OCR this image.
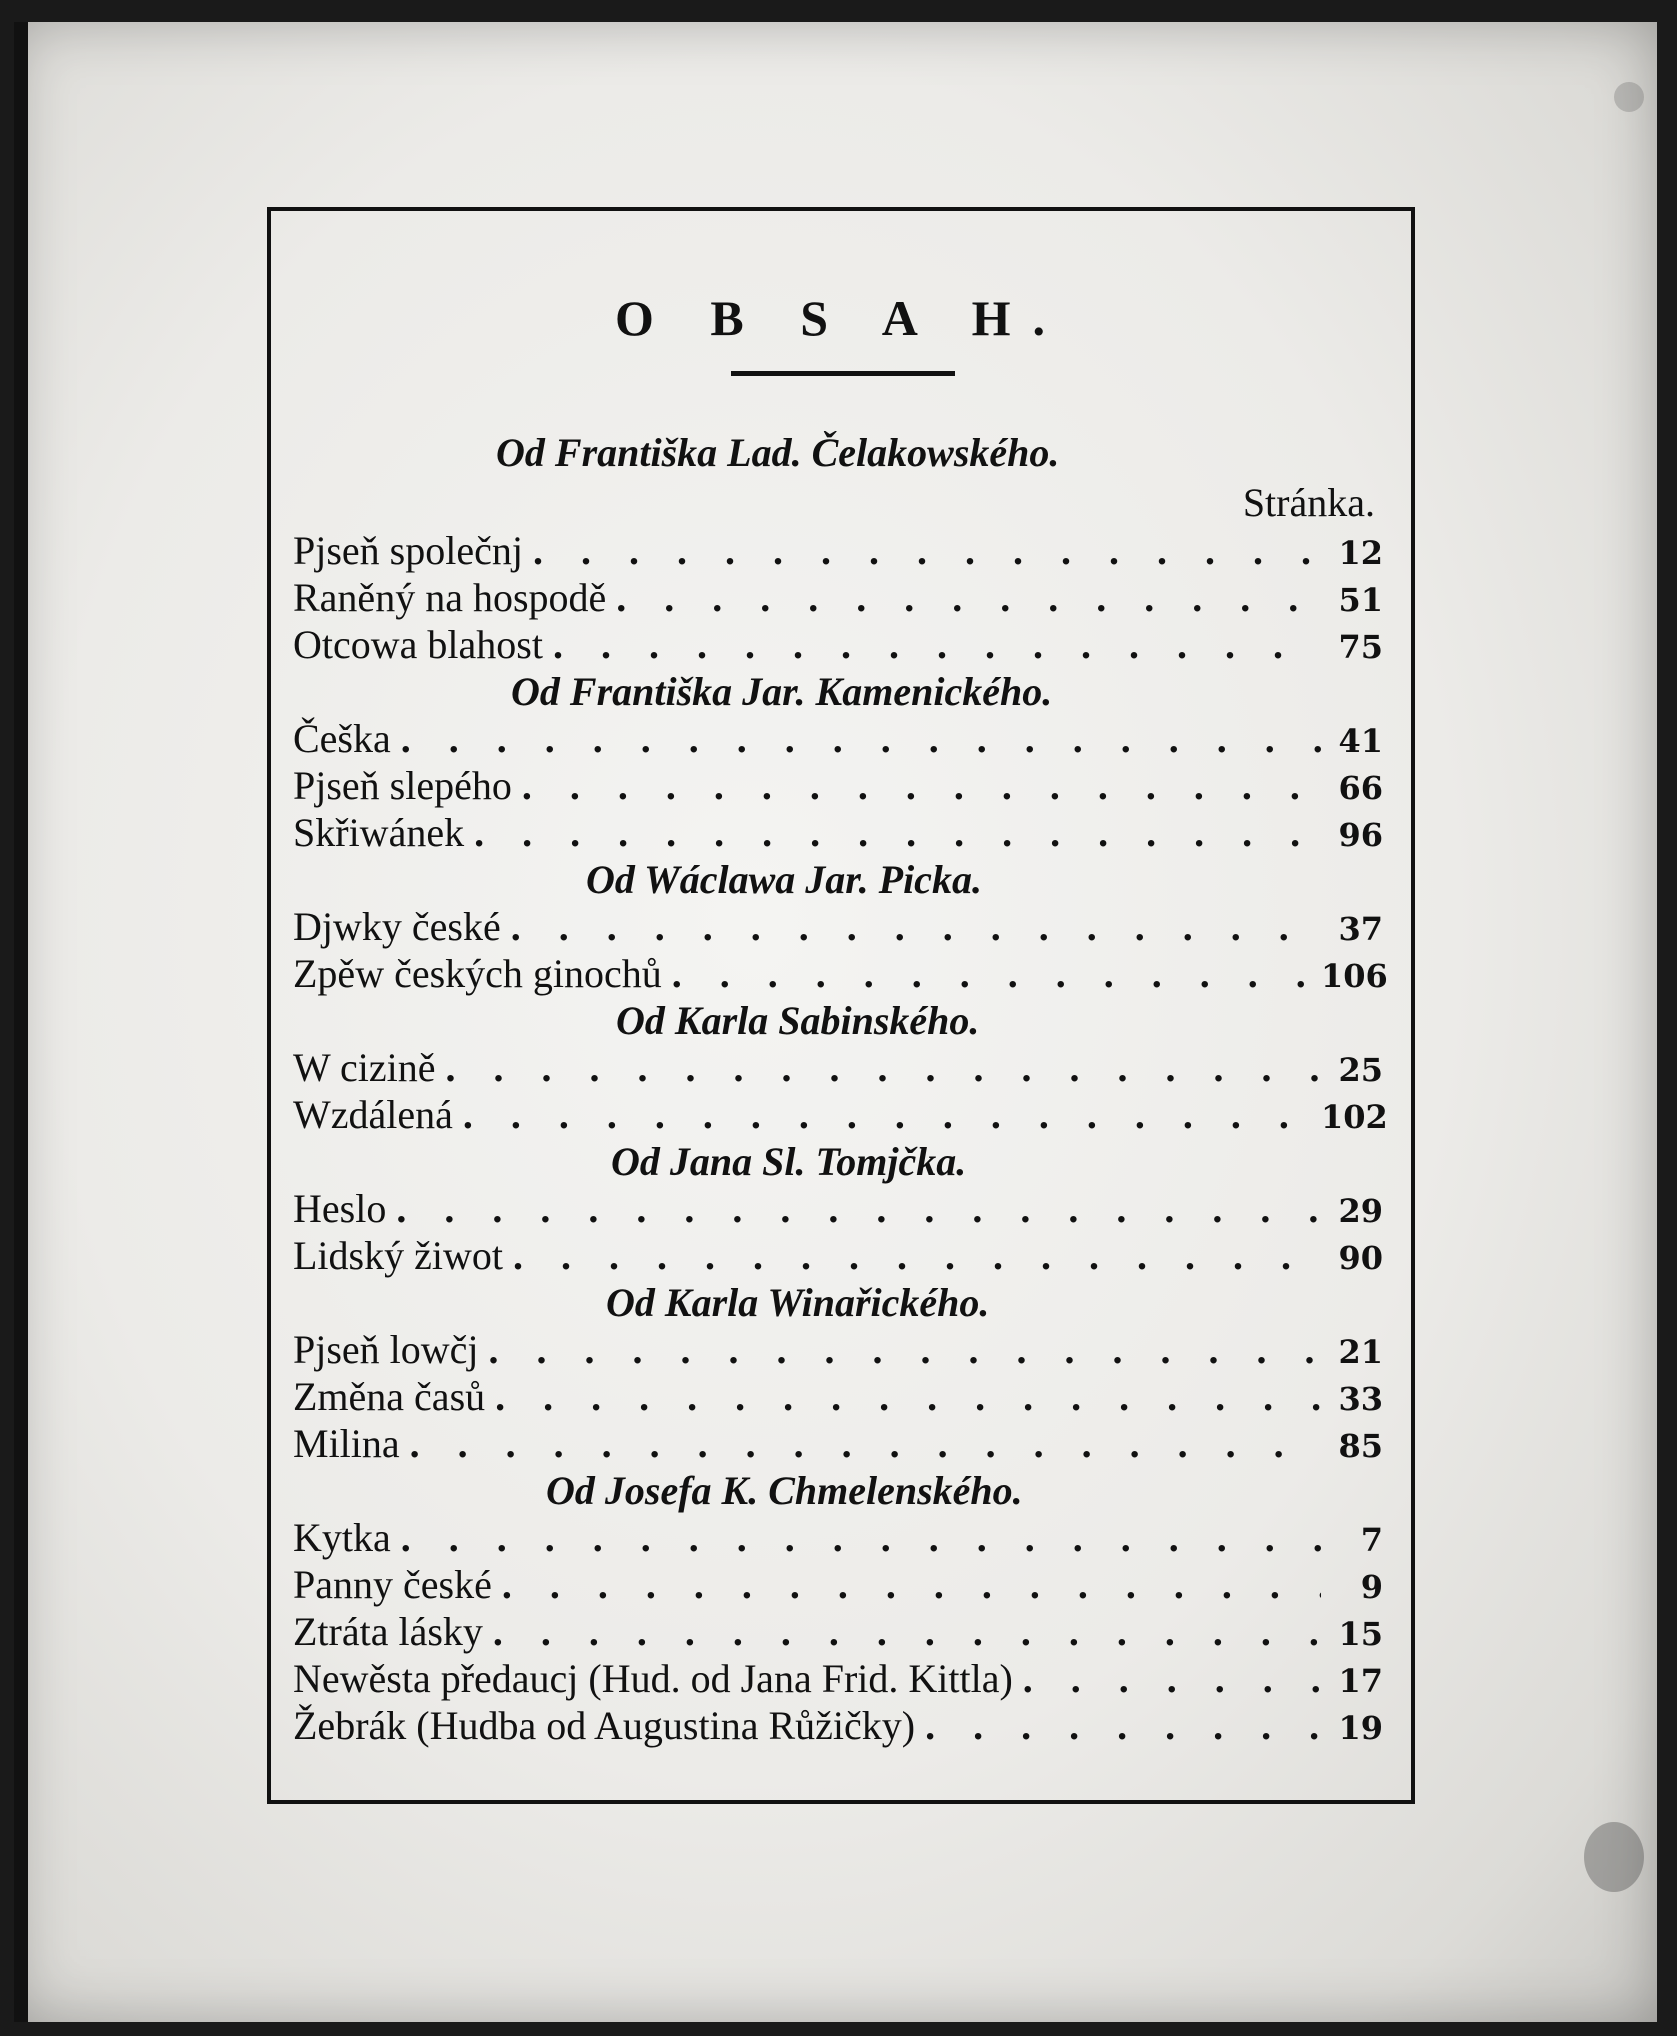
O B S A H.
Od Františka Lad. Čelakowského.
Stránka.
Pjseň společnj . . .	12
Raněný na hospodě . . .	51
Otcowa blahost . . .	75
Od Františka Jar. Kamenického.
Češka . . .	41
Pjseň slepého . . .	66
Skřiwánek . . .	96
Od Wáclawa Jar. Picka.
Djwky české . . .	37
Zpěw českých ginochů . . .	106
Od Karla Sabinského.
W cizině . . .	25
Wzdálená . . .	102
Od Jana Sl. Tomjčka.
Heslo . . .	29
Lidský žiwot . . .	90
Od Karla Winařického.
Pjseň lowčj . . .	21
Změna časů . . .	33
Milina . . .	85
Od Josefa K. Chmelenského.
Kytka . . .	7
Panny české . . .	9
Ztráta lásky . . .	15
Newěsta předaucj (Hud. od Jana Frid. Kittla) . . .	17
Žebrák (Hudba od Augustina Růžičky) . . .	19
